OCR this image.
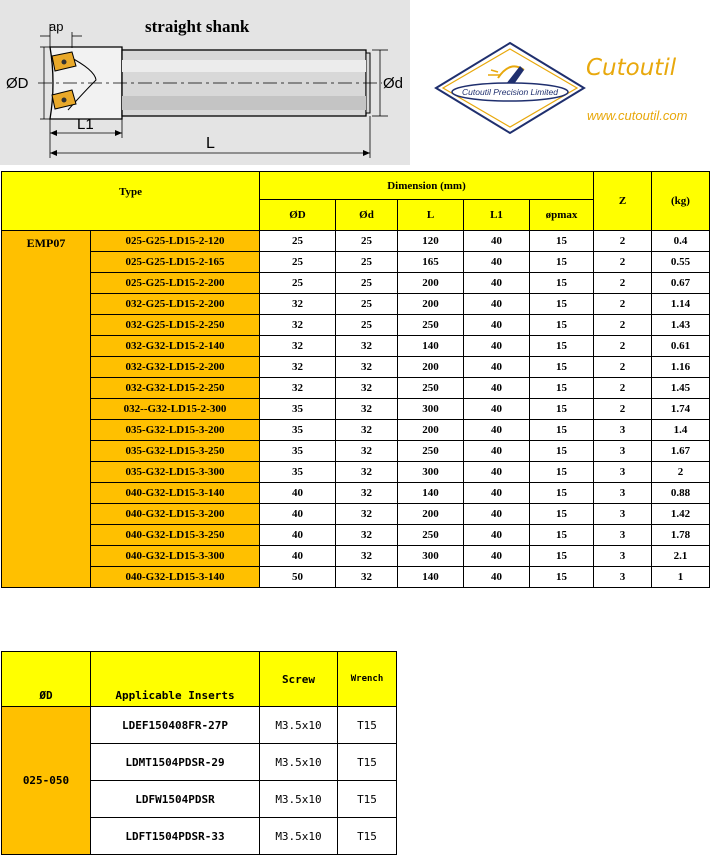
straight shank
ap
ØD	Ød
L1
L
Cutoutil Precision Limited
Cutoutil
www.cutoutil.com
Type		Dimension (mm)					Z	(kg)
		ØD	Ød	L	L1	øpmax		
EMP07	025-G25-LD15-2-120	25	25	120	40	15	2	0.4
	025-G25-LD15-2-165	25	25	165	40	15	2	0.55
	025-G25-LD15-2-200	25	25	200	40	15	2	0.67
	032-G25-LD15-2-200	32	25	200	40	15	2	1.14
	032-G25-LD15-2-250	32	25	250	40	15	2	1.43
	032-G32-LD15-2-140	32	32	140	40	15	2	0.61
	032-G32-LD15-2-200	32	32	200	40	15	2	1.16
	032-G32-LD15-2-250	32	32	250	40	15	2	1.45
	032--G32-LD15-2-300	35	32	300	40	15	2	1.74
	035-G32-LD15-3-200	35	32	200	40	15	3	1.4
	035-G32-LD15-3-250	35	32	250	40	15	3	1.67
	035-G32-LD15-3-300	35	32	300	40	15	3	2
	040-G32-LD15-3-140	40	32	140	40	15	3	0.88
	040-G32-LD15-3-200	40	32	200	40	15	3	1.42
	040-G32-LD15-3-250	40	32	250	40	15	3	1.78
	040-G32-LD15-3-300	40	32	300	40	15	3	2.1
	040-G32-LD15-3-140	50	32	140	40	15	3	1
ØD	Applicable Inserts	Screw	Wrench
025-050	LDEF150408FR-27P	M3.5x10	T15
	LDMT1504PDSR-29	M3.5x10	T15
	LDFW1504PDSR	M3.5x10	T15
	LDFT1504PDSR-33	M3.5x10	T15
